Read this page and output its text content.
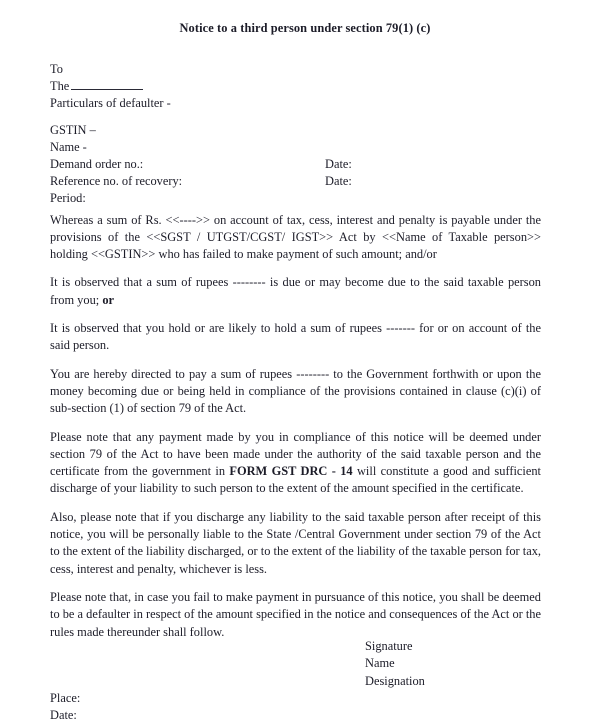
Notice to a third person under section 79(1) (c)
To
The
Particulars of defaulter -
GSTIN –
Name -
Demand order no.:	Date:
Reference no. of recovery:	Date:
Period:

Whereas a sum of Rs. <<---->> on account of tax, cess, interest and penalty is payable under the provisions of the <<SGST / UTGST/CGST/ IGST>> Act by <<Name of Taxable person>> holding <<GSTIN>> who has failed to make payment of such amount; and/or

It is observed that a sum of rupees -------- is due or may become due to the said taxable person from you; or

It is observed that you hold or are likely to hold a sum of rupees ------- for or on account of the said person.

You are hereby directed to pay a sum of rupees -------- to the Government forthwith or upon the money becoming due or being held in compliance of the provisions contained in clause (c)(i) of sub-section (1) of section 79 of the Act.

Please note that any payment made by you in compliance of this notice will be deemed under section 79 of the Act to have been made under the authority of the said taxable person and the certificate from the government in FORM GST DRC - 14 will constitute a good and sufficient discharge of your liability to such person to the extent of the amount specified in the certificate.

Also, please note that if you discharge any liability to the said taxable person after receipt of this notice, you will be personally liable to the State /Central Government under section 79 of the Act to the extent of the liability discharged, or to the extent of the liability of the taxable person for tax, cess, interest and penalty, whichever is less.

Please note that, in case you fail to make payment in pursuance of this notice, you shall be deemed to be a defaulter in respect of the amount specified in the notice and consequences of the Act or the rules made thereunder shall follow.

Signature
Name
Designation
Place:
Date:
